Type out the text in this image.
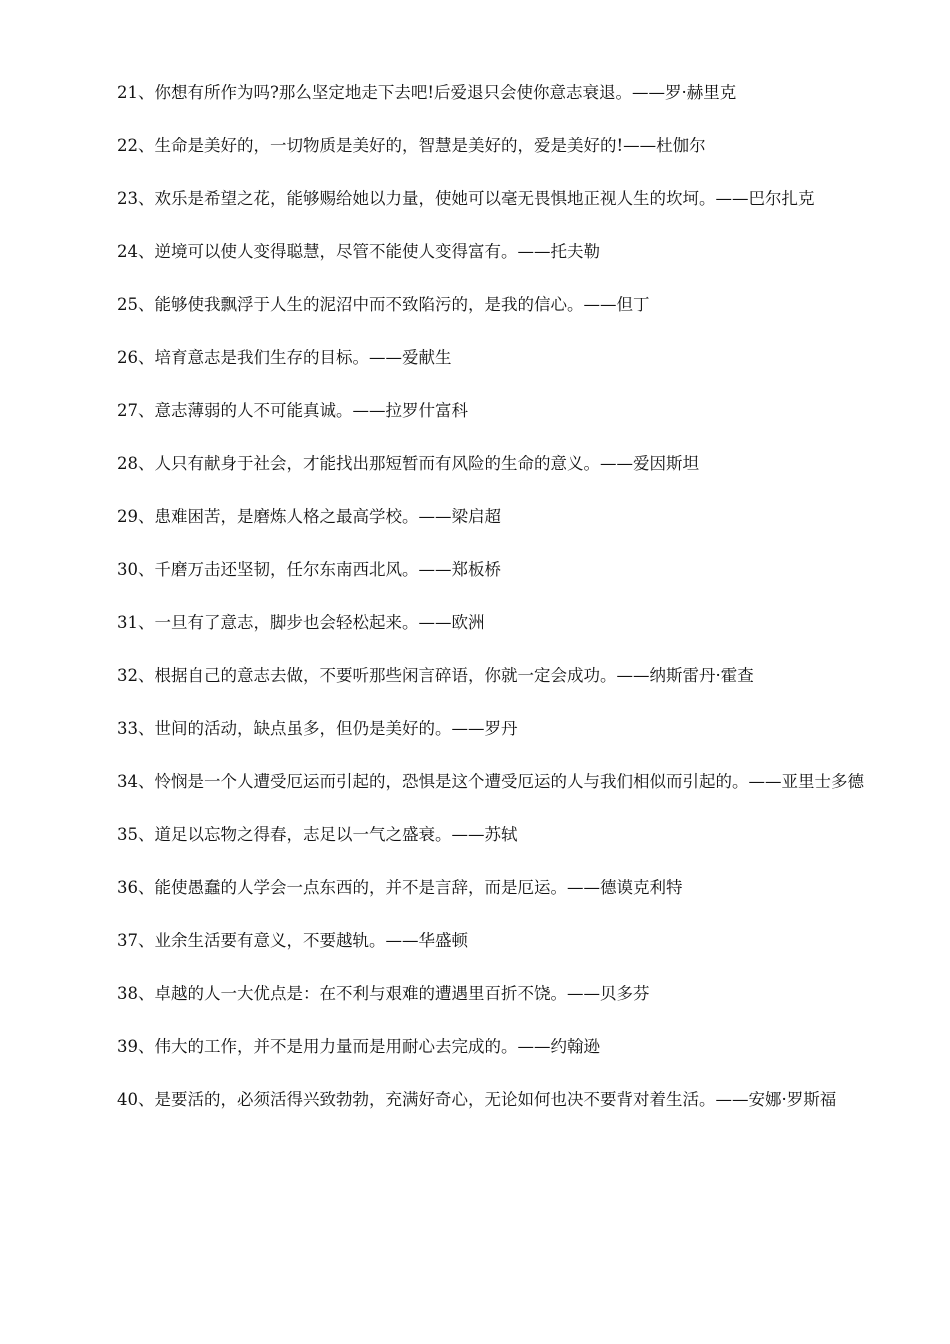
21、你想有所作为吗?那么坚定地走下去吧!后爱退只会使你意志衰退。——罗·赫里克

22、生命是美好的，一切物质是美好的，智慧是美好的，爱是美好的!——杜伽尔

23、欢乐是希望之花，能够赐给她以力量，使她可以毫无畏惧地正视人生的坎坷。——巴尔扎克

24、逆境可以使人变得聪慧，尽管不能使人变得富有。——托夫勒

25、能够使我飘浮于人生的泥沼中而不致陷污的，是我的信心。——但丁

26、培育意志是我们生存的目标。——爱献生

27、意志薄弱的人不可能真诚。——拉罗什富科

28、人只有献身于社会，才能找出那短暂而有风险的生命的意义。——爱因斯坦

29、患难困苦，是磨炼人格之最高学校。——梁启超

30、千磨万击还坚韧，任尔东南西北风。——郑板桥

31、一旦有了意志，脚步也会轻松起来。——欧洲

32、根据自己的意志去做，不要听那些闲言碎语，你就一定会成功。——纳斯雷丹·霍查

33、世间的活动，缺点虽多，但仍是美好的。——罗丹

34、怜悯是一个人遭受厄运而引起的，恐惧是这个遭受厄运的人与我们相似而引起的。——亚里士多德

35、道足以忘物之得春，志足以一气之盛衰。——苏轼

36、能使愚蠢的人学会一点东西的，并不是言辞，而是厄运。——德谟克利特

37、业余生活要有意义，不要越轨。——华盛顿

38、卓越的人一大优点是：在不利与艰难的遭遇里百折不饶。——贝多芬

39、伟大的工作，并不是用力量而是用耐心去完成的。——约翰逊

40、是要活的，必须活得兴致勃勃，充满好奇心，无论如何也决不要背对着生活。——安娜·罗斯福
